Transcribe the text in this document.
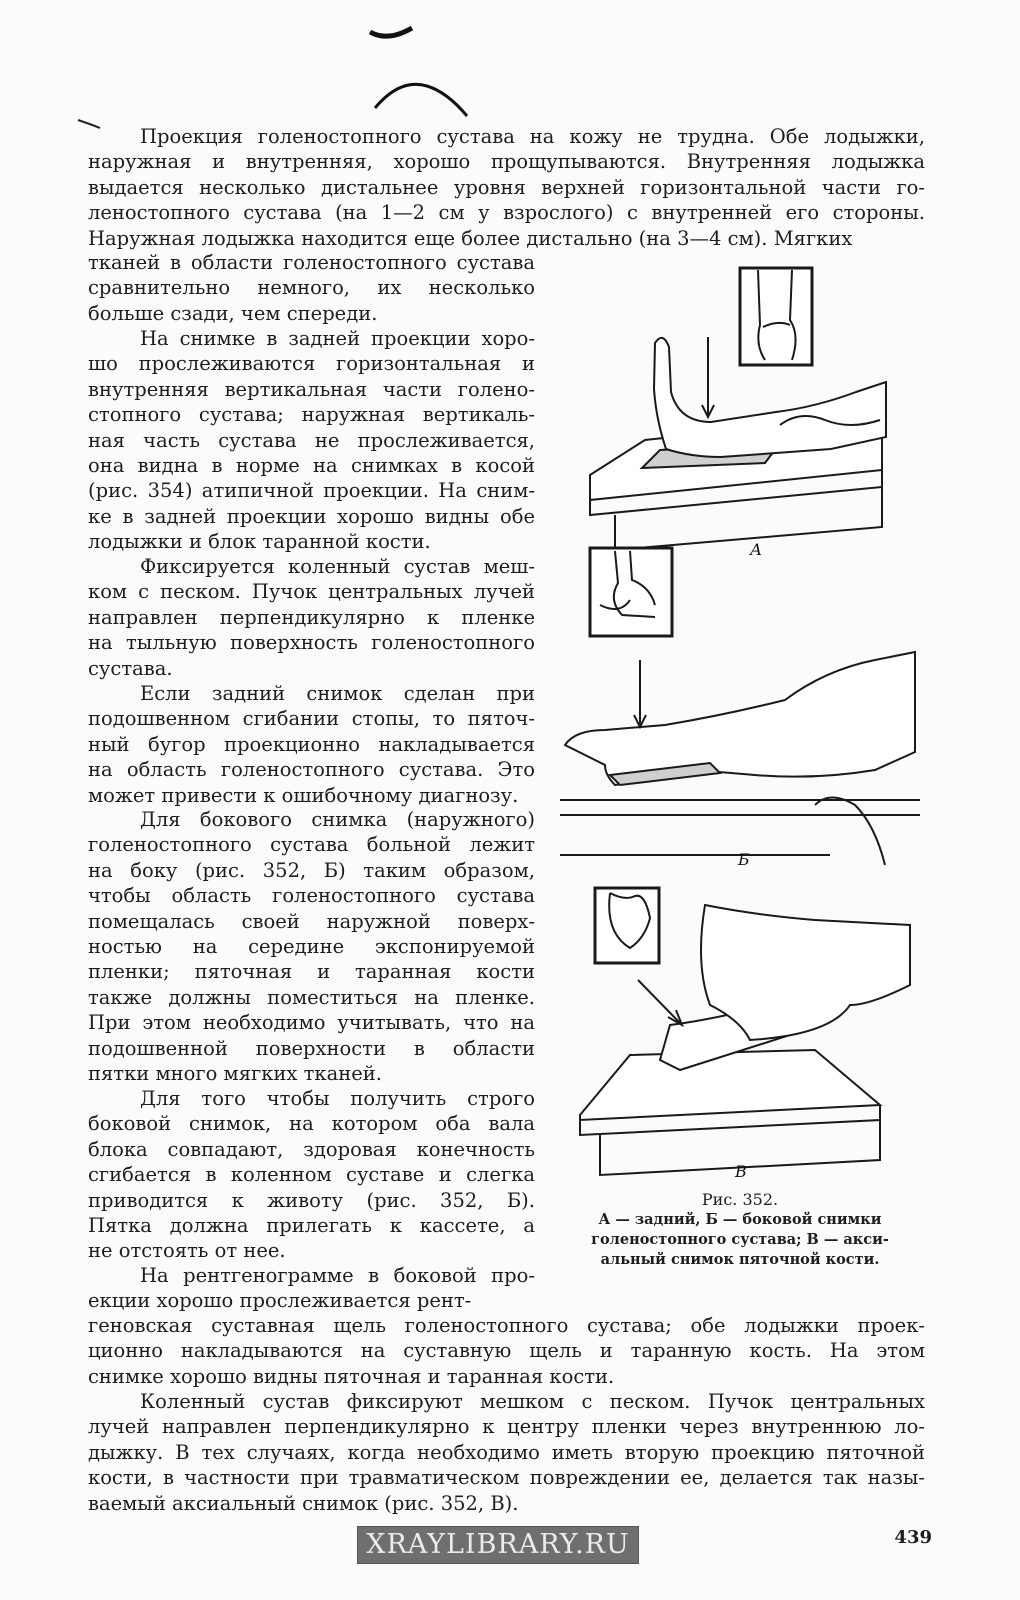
Проекция голеностопного сустава на кожу не трудна. Обе лодыжки,
наружная и внутренняя, хорошо прощупываются. Внутренняя лодыжка
выдается несколько дистальнее уровня верхней горизонтальной части го-
леностопного сустава (на 1—2 см у взрослого) с внутренней его стороны.
Наружная лодыжка находится еще более дистально (на 3—4 см). Мягких
тканей в области голеностопного сустава
сравнительно немного, их несколько
больше сзади, чем спереди.
На снимке в задней проекции хоро-
шо прослеживаются горизонтальная и
внутренняя вертикальная части голено-
стопного сустава; наружная вертикаль-
ная часть сустава не прослеживается,
она видна в норме на снимках в косой
(рис. 354) атипичной проекции. На сним-
ке в задней проекции хорошо видны обе
лодыжки и блок таранной кости.
Фиксируется коленный сустав меш-
ком с песком. Пучок центральных лучей
направлен перпендикулярно к пленке
на тыльную поверхность голеностопного
сустава.
Если задний снимок сделан при
подошвенном сгибании стопы, то пяточ-
ный бугор проекционно накладывается
на область голеностопного сустава. Это
может привести к ошибочному диагнозу.
Для бокового снимка (наружного)
голеностопного сустава больной лежит
на боку (рис. 352, Б) таким образом,
чтобы область голеностопного сустава
помещалась своей наружной поверх-
ностью на середине экспонируемой
пленки; пяточная и таранная кости
также должны поместиться на пленке.
При этом необходимо учитывать, что на
подошвенной поверхности в области
пятки много мягких тканей.
Для того чтобы получить строго
боковой снимок, на котором оба вала
блока совпадают, здоровая конечность
сгибается в коленном суставе и слегка
приводится к животу (рис. 352, Б).
Пятка должна прилегать к кассете, а
не отстоять от нее.
На рентгенограмме в боковой про-
екции хорошо прослеживается рент-
геновская суставная щель голеностопного сустава; обе лодыжки проек-
ционно накладываются на суставную щель и таранную кость. На этом
снимке хорошо видны пяточная и таранная кости.
Коленный сустав фиксируют мешком с песком. Пучок центральных
лучей направлен перпендикулярно к центру пленки через внутреннюю ло-
дыжку. В тех случаях, когда необходимо иметь вторую проекцию пяточной
кости, в частности при травматическом повреждении ее, делается так назы-
ваемый аксиальный снимок (рис. 352, В).
Б
А
В
Рис. 352.
А — задний, Б — боковой снимки
голеностопного сустава; В — акси-
альный снимок пяточной кости.
XRAYLIBRARY.RU	439
